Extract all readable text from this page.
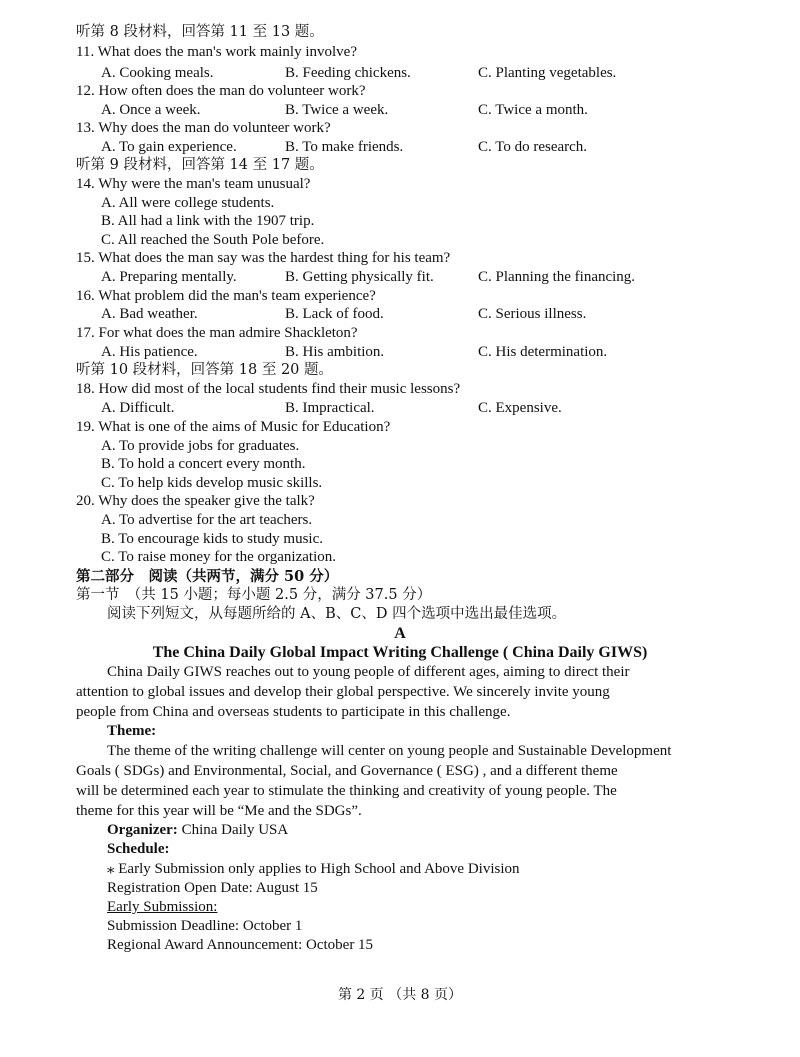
听第 8 段材料，回答第 11 至 13 题。
11. What does the man's work mainly involve?
A. Cooking meals.	B. Feeding chickens.	C. Planting vegetables.
12. How often does the man do volunteer work?
A. Once a week.	B. Twice a week.	C. Twice a month.
13. Why does the man do volunteer work?
A. To gain experience.	B. To make friends.	C. To do research.
听第 9 段材料，回答第 14 至 17 题。
14. Why were the man's team unusual?
A. All were college students.
B. All had a link with the 1907 trip.
C. All reached the South Pole before.
15. What does the man say was the hardest thing for his team?
A. Preparing mentally.	B. Getting physically fit.	C. Planning the financing.
16. What problem did the man's team experience?
A. Bad weather.	B. Lack of food.	C. Serious illness.
17. For what does the man admire Shackleton?
A. His patience.	B. His ambition.	C. His determination.
听第 10 段材料，回答第 18 至 20 题。
18. How did most of the local students find their music lessons?
A. Difficult.	B. Impractical.	C. Expensive.
19. What is one of the aims of Music for Education?
A. To provide jobs for graduates.
B. To hold a concert every month.
C. To help kids develop music skills.
20. Why does the speaker give the talk?
A. To advertise for the art teachers.
B. To encourage kids to study music.
C. To raise money for the organization.
第二部分　阅读（共两节，满分 50 分）
第一节　（共 15 小题；每小题 2.5 分，满分 37.5 分）
阅读下列短文，从每题所给的 A、B、C、D 四个选项中选出最佳选项。
A
The China Daily Global Impact Writing Challenge ( China Daily GIWS)
China Daily GIWS reaches out to young people of different ages, aiming to direct their
attention to global issues and develop their global perspective. We sincerely invite young
people from China and overseas students to participate in this challenge.
Theme:
The theme of the writing challenge will center on young people and Sustainable Development
Goals ( SDGs) and Environmental, Social, and Governance ( ESG) , and a different theme
will be determined each year to stimulate the thinking and creativity of young people. The
theme for this year will be “Me and the SDGs”.
Organizer: China Daily USA
Schedule:
⁎ Early Submission only applies to High School and Above Division
Registration Open Date: August 15
Early Submission:
Submission Deadline: October 1
Regional Award Announcement: October 15
第 2 页 （共 8 页）
